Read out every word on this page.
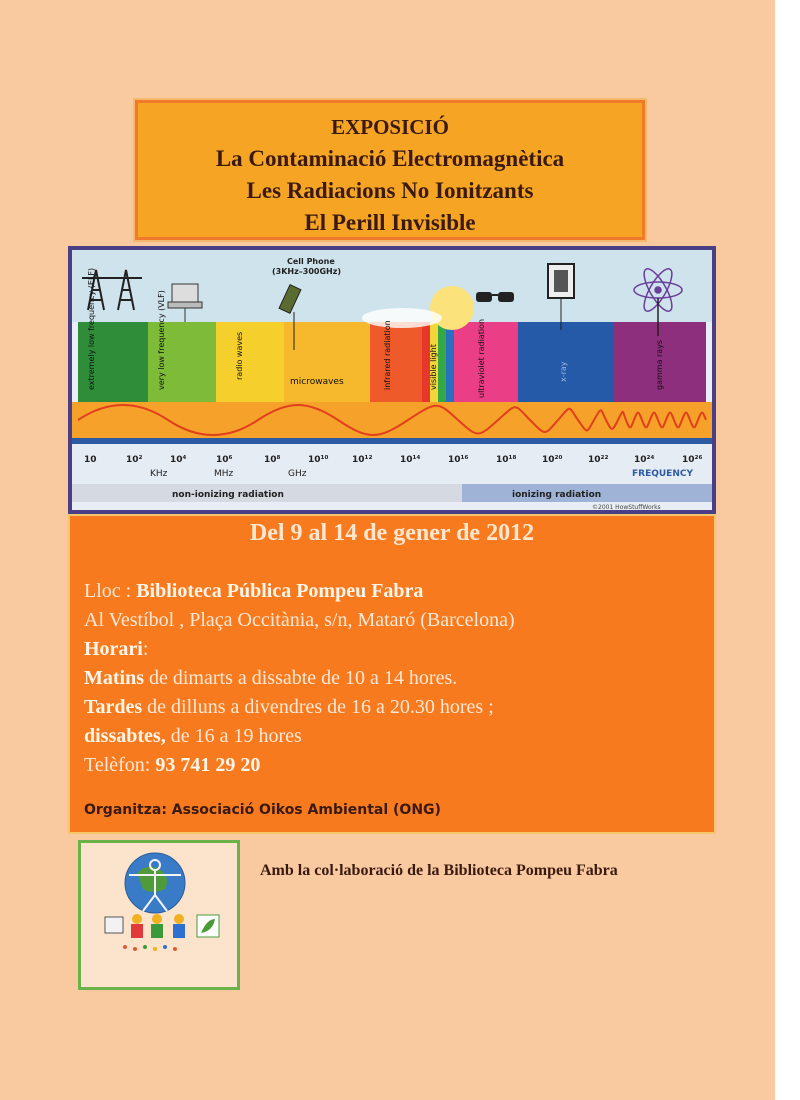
EXPOSICIÓ
La Contaminació Electromagnètica
Les Radiacions No Ionitzants
El Perill Invisible
Cell Phone
(3KHz–300GHz)
extremely low frequency (ELF)	very low frequency (VLF)	radio waves
microwaves	infrared radiation	visible light	ultraviolet radiation	x-ray	gamma rays
10	10²	10⁴	10⁶	10⁸	10¹⁰	10¹²	10¹⁴	10¹⁶	10¹⁸	10²⁰	10²²	10²⁴	10²⁶
KHz	MHz	GHz	FREQUENCY
non-ionizing radiation	ionizing radiation
©2001 HowStuffWorks
Del 9 al 14 de gener de 2012
Lloc : Biblioteca Pública Pompeu Fabra
Al Vestíbol , Plaça Occitània, s/n, Mataró (Barcelona)
Horari:
Matins de dimarts a dissabte de 10 a 14 hores.
Tardes de dilluns a divendres de 16 a 20.30 hores ;
dissabtes, de 16 a 19 hores
Telèfon: 93 741 29 20
Organitza: Associació Oikos Ambiental (ONG)
Amb la col·laboració de la Biblioteca Pompeu Fabra
